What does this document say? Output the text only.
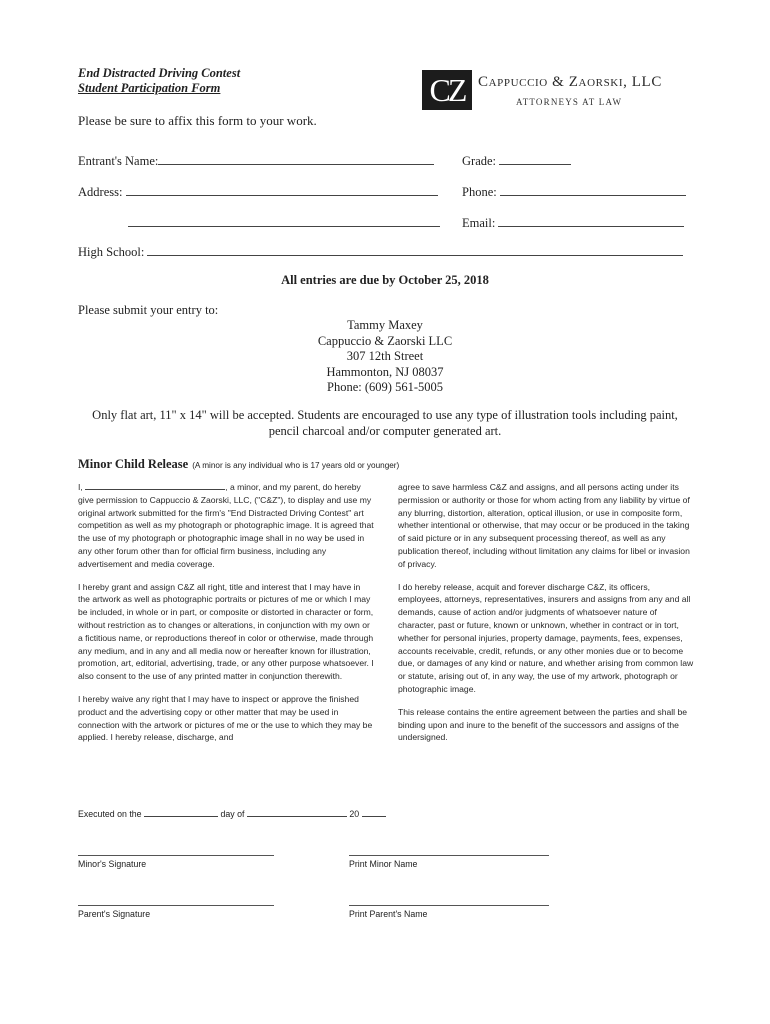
End Distracted Driving Contest
Student Participation Form	CZ Cappuccio & Zaorski, LLC
ATTORNEYS AT LAW
Please be sure to affix this form to your work.
Entrant's Name:	Grade:
Address:	Phone:
Email:
High School:
All entries are due by October 25, 2018
Please submit your entry to:
Tammy Maxey
Cappuccio & Zaorski LLC
307 12th Street
Hammonton, NJ 08037
Phone: (609) 561-5005
Only flat art, 11" x 14" will be accepted. Students are encouraged to use any type of illustration tools including paint, pencil charcoal and/or computer generated art.
Minor Child Release (A minor is any individual who is 17 years old or younger)

I,	, a minor, and my parent, do hereby give permission to Cappuccio & Zaorski, LLC, ("C&Z"), to display and use my original artwork submitted for the firm's "End Distracted Driving Contest" art competition as well as my photograph or photographic image. It is agreed that the use of my photograph or photographic image shall in no way be used in any other forum other than for official firm business, including any advertisement and media coverage.

I hereby grant and assign C&Z all right, title and interest that I may have in the artwork as well as photographic portraits or pictures of me or which I may be included, in whole or in part, or composite or distorted in character or form, without restriction as to changes or alterations, in conjunction with my own or a fictitious name, or reproductions thereof in color or otherwise, made through any medium, and in any and all media now or hereafter known for illustration, promotion, art, editorial, advertising, trade, or any other purpose whatsoever. I also consent to the use of any printed matter in conjunction therewith.

I hereby waive any right that I may have to inspect or approve the finished product and the advertising copy or other matter that may be used in connection with the artwork or pictures of me or the use to which they may be applied. I hereby release, discharge, and

agree to save harmless C&Z and assigns, and all persons acting under its permission or authority or those for whom acting from any liability by virtue of any blurring, distortion, alteration, optical illusion, or use in composite form, whether intentional or otherwise, that may occur or be produced in the taking of said picture or in any subsequent processing thereof, as well as any publication thereof, including without limitation any claims for libel or invasion of privacy.

I do hereby release, acquit and forever discharge C&Z, its officers, employees, attorneys, representatives, insurers and assigns from any and all demands, cause of action and/or judgments of whatsoever nature of character, past or future, known or unknown, whether in contract or in tort, whether for personal injuries, property damage, payments, fees, expenses, accounts receivable, credit, refunds, or any other monies due or to become due, or damages of any kind or nature, and whether arising from common law or statute, arising out of, in any way, the use of my artwork, photograph or photographic image.

This release contains the entire agreement between the parties and shall be binding upon and inure to the benefit of the successors and assigns of the undersigned.

Executed on the	day of	20
Minor's Signature	Print Minor Name
Parent's Signature	Print Parent's Name
